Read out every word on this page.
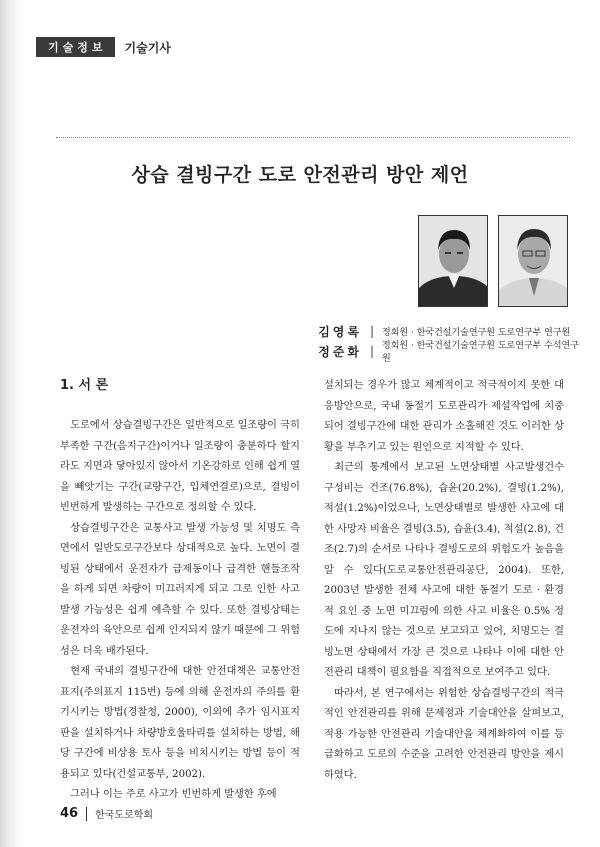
기술정보	기술기사
상습 결빙구간 도로 안전관리 방안 제언
김영록 | 정회원 · 한국건설기술연구원 도로연구부 연구원
정준화 | 정회원 · 한국건설기술연구원 도로연구부 수석연구원
1. 서 론

도로에서 상습결빙구간은 일반적으로 일조량이 극히 부족한 구간(음지구간)이거나 일조량이 충분하다 할지라도 지면과 닿아있지 않아서 기온강하로 인해 쉽게 열을 빼앗기는 구간(교량구간, 입체연결로)으로, 결빙이 빈번하게 발생하는 구간으로 정의할 수 있다.

상습결빙구간은 교통사고 발생 가능성 및 치명도 측면에서 일반도로구간보다 상대적으로 높다. 노면이 결빙된 상태에서 운전자가 급제동이나 급격한 핸들조작을 하게 되면 차량이 미끄러지게 되고 그로 인한 사고발생 가능성은 쉽게 예측할 수 있다. 또한 결빙상태는 운전자의 육안으로 쉽게 인지되지 않기 때문에 그 위험성은 더욱 배가된다.

현재 국내의 결빙구간에 대한 안전대책은 교통안전표지(주의표지 115번) 등에 의해 운전자의 주의를 환기시키는 방법(경찰청, 2000), 이외에 추가 임시표지판을 설치하거나 차량방호울타리를 설치하는 방법, 해당 구간에 비상용 토사 등을 비치시키는 방법 등이 적용되고 있다(건설교통부, 2002).

그러나 이는 주로 사고가 빈번하게 발생한 후에

설치되는 경우가 많고 체계적이고 적극적이지 못한 대응방안으로, 국내 동절기 도로관리가 제설작업에 치중되어 결빙구간에 대한 관리가 소홀해진 것도 이러한 상황을 부추기고 있는 원인으로 지적할 수 있다.

최근의 통계에서 보고된 노면상태별 사고발생건수 구성비는 건조(76.8%), 습윤(20.2%), 결빙(1.2%), 적설(1.2%)이었으나, 노면상태별로 발생한 사고에 대한 사망자 비율은 결빙(3.5), 습윤(3.4), 적설(2.8), 건조(2.7)의 순서로 나타나 결빙도로의 위험도가 높음을 알 수 있다(도로교통안전관리공단, 2004). 또한, 2003년 발생한 전체 사고에 대한 동절기 도로 · 환경적 요인 중 노면 미끄럼에 의한 사고 비율은 0.5% 정도에 지나지 않는 것으로 보고되고 있어, 치명도는 결빙노면 상태에서 가장 큰 것으로 나타나 이에 대한 안전관리 대책이 필요함을 직접적으로 보여주고 있다.

따라서, 본 연구에서는 위험한 상습결빙구간의 적극적인 안전관리를 위해 문제점과 기술대안을 살펴보고, 적용 가능한 안전관리 기술대안을 체계화하여 이를 등급화하고 도로의 수준을 고려한 안전관리 방안을 제시하였다.

46 한국도로학회
